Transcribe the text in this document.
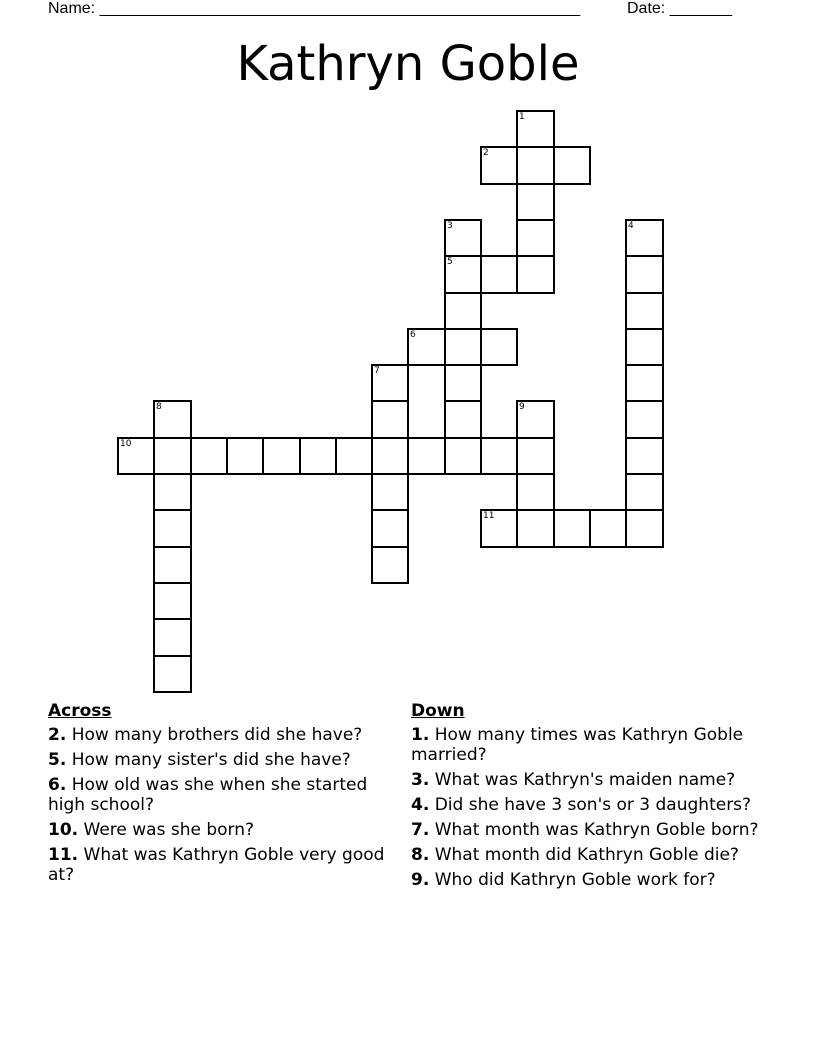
Name: ______________________________________________________	Date: _______
Kathryn Goble
1
2
3	4
5
6
7
8	9
10
11
Across
2. How many brothers did she have?
5. How many sister's did she have?
6. How old was she when she started high school?
10. Were was she born?
11. What was Kathryn Goble very good at?
Down
1. How many times was Kathryn Goble married?
3. What was Kathryn's maiden name?
4. Did she have 3 son's or 3 daughters?
7. What month was Kathryn Goble born?
8. What month did Kathryn Goble die?
9. Who did Kathryn Goble work for?
